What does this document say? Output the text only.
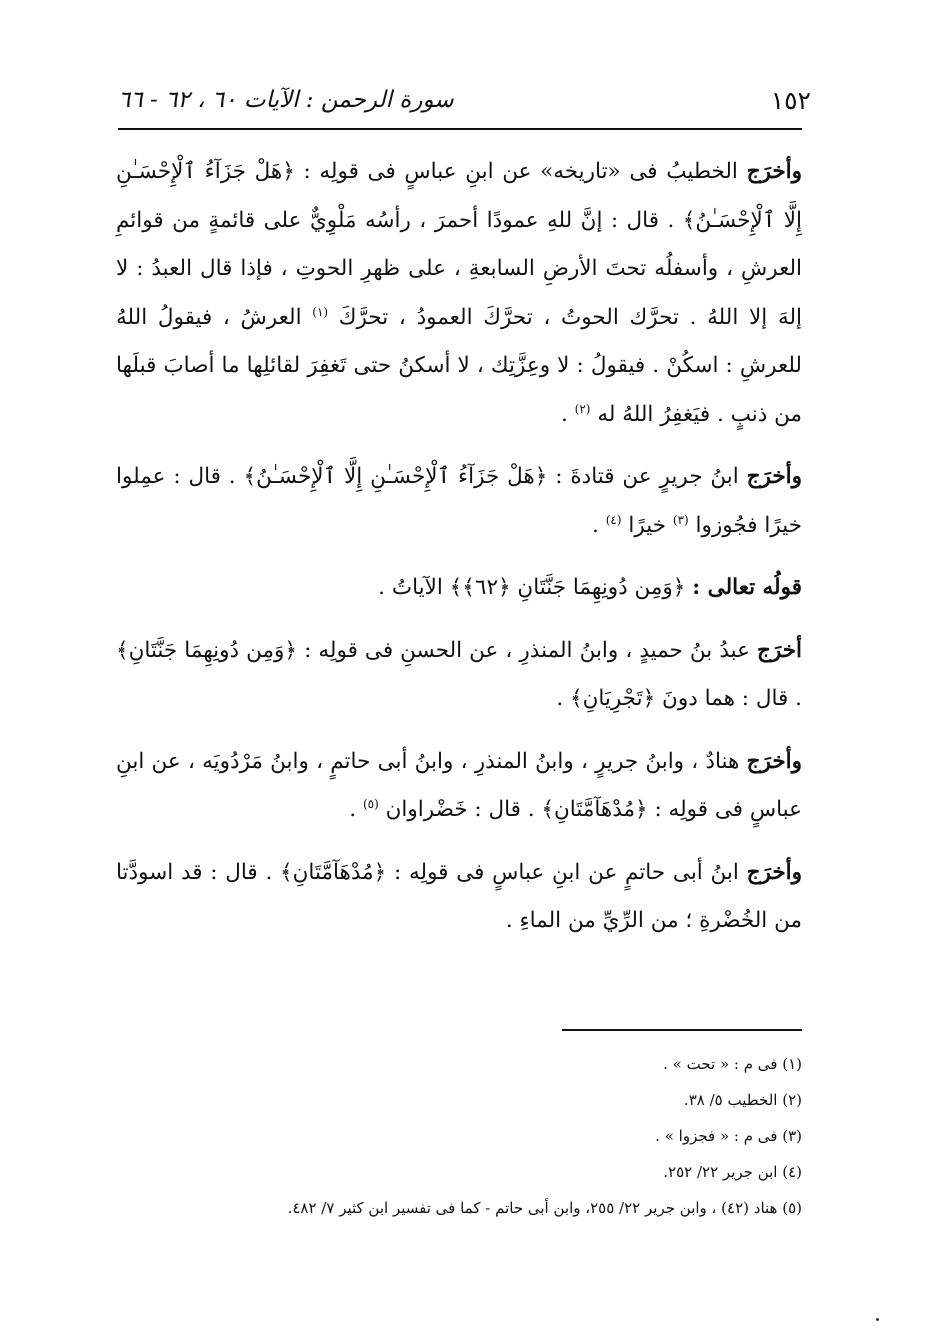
١٥٢
سورة الرحمن : الآيات ٦٠ ، ٦٢ - ٦٦

وأخرَج الخطيبُ فى «تاريخه» عن ابنِ عباسٍ فى قولِه : ﴿هَلْ جَزَآءُ ٱلْإِحْسَـٰنِ إِلَّا ٱلْإِحْسَـٰنُ﴾ . قال : إنَّ للهِ عمودًا أحمرَ ، رأسُه مَلْوِيٌّ على قائمةٍ من قوائمِ العرشِ ، وأسفلُه تحتَ الأرضِ السابعةِ ، على ظهرِ الحوتِ ، فإذا قال العبدُ : لا إلهَ إلا اللهُ . تحرَّك الحوتُ ، تحرَّكَ العمودُ ، تحرَّكَ $^{(١)}$ العرشُ ، فيقولُ اللهُ للعرشِ : اسكُنْ . فيقولُ : لا وعِزَّتِك ، لا أسكنُ حتى تَغفِرَ لقائلِها ما أصابَ قبلَها من ذنبٍ . فيَغفِرُ اللهُ له $^{(٢)}$ .

وأخرَج ابنُ جريرٍ عن قتادةَ : ﴿هَلْ جَزَآءُ ٱلْإِحْسَـٰنِ إِلَّا ٱلْإِحْسَـٰنُ﴾ . قال : عمِلوا خيرًا فجُوزوا $^{(٣)}$ خيرًا $^{(٤)}$ .

قولُه تعالى : ﴿وَمِن دُونِهِمَا جَنَّتَانِ ﴿٦٢﴾﴾ الآياتُ .

أخرَج عبدُ بنُ حميدٍ ، وابنُ المنذرِ ، عن الحسنِ فى قولِه : ﴿وَمِن دُونِهِمَا جَنَّتَانِ﴾ . قال : هما دونَ ﴿تَجْرِيَانِ﴾ .

وأخرَج هنادٌ ، وابنُ جريرٍ ، وابنُ المنذرِ ، وابنُ أبى حاتمٍ ، وابنُ مَرْدُويَه ، عن ابنِ عباسٍ فى قولِه : ﴿مُدْهَآمَّتَانِ﴾ . قال : خَضْراوان $^{(٥)}$ .

وأخرَج ابنُ أبى حاتمٍ عن ابنِ عباسٍ فى قولِه : ﴿مُدْهَآمَّتَانِ﴾ . قال : قد اسودَّتا من الخُضْرةِ ؛ من الرِّيِّ من الماءِ .

(١) فى م : « تحت » .

(٢) الخطيب ٥/ ٣٨.

(٣) فى م : « فجزوا » .

(٤) ابن جرير ٢٢/ ٢٥٢.

(٥) هناد (٤٢) ، وابن جرير ٢٢/ ٢٥٥، وابن أبى حاتم - كما فى تفسير ابن كثير ٧/ ٤٨٢.
